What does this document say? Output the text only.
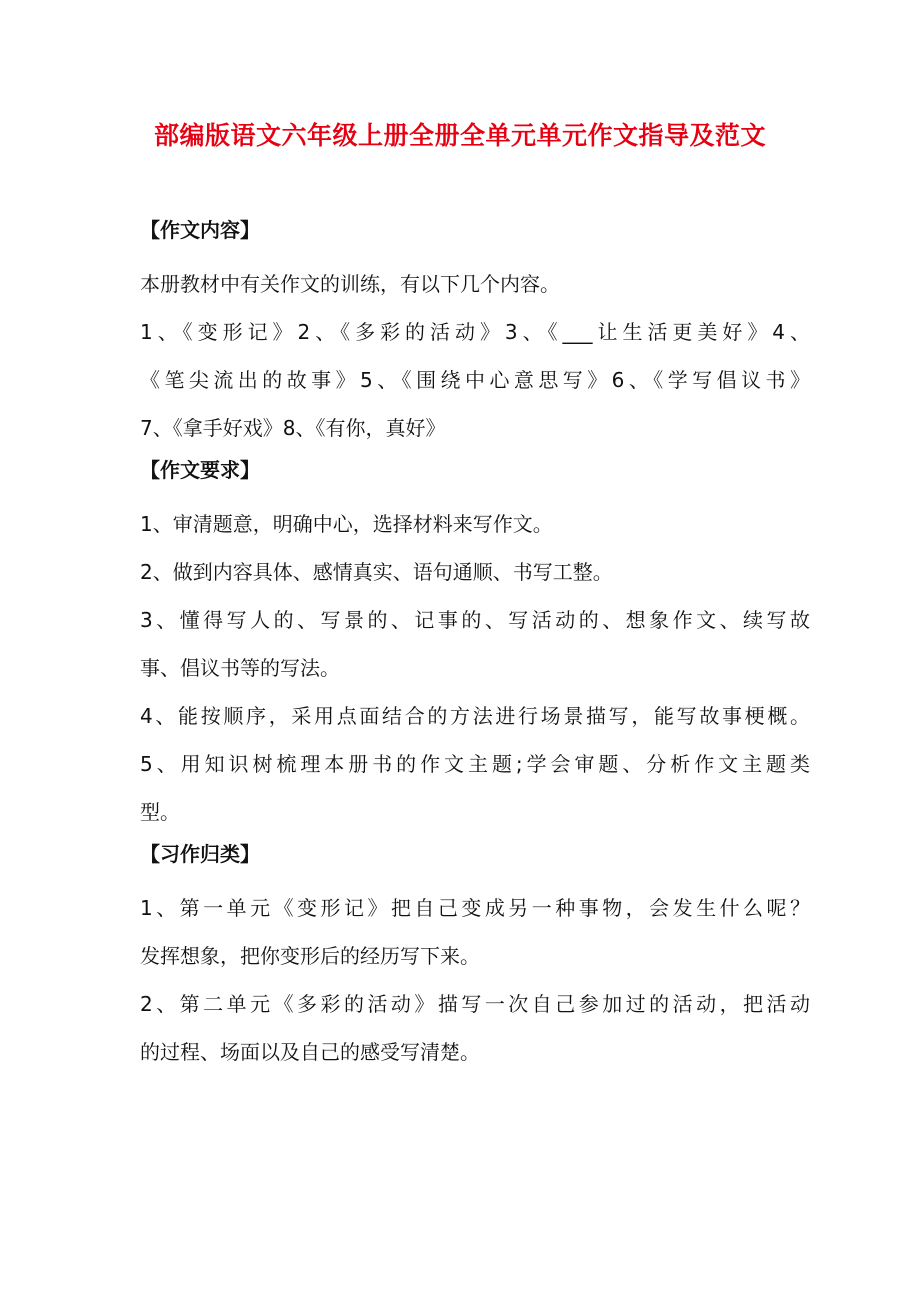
部编版语文六年级上册全册全单元单元作文指导及范文
【作文内容】
本册教材中有关作文的训练，有以下几个内容。
1、《变形记》2、《多彩的活动》3、《___让生活更美好》4、
《笔尖流出的故事》5、《围绕中心意思写》6、《学写倡议书》
7、《拿手好戏》8、《有你，真好》
【作文要求】
1、审清题意，明确中心，选择材料来写作文。
2、做到内容具体、感情真实、语句通顺、书写工整。
3、懂得写人的、写景的、记事的、写活动的、想象作文、续写故
事、倡议书等的写法。
4、能按顺序，采用点面结合的方法进行场景描写，能写故事梗概。
5、用知识树梳理本册书的作文主题;学会审题、分析作文主题类
型。
【习作归类】
1、第一单元《变形记》把自己变成另一种事物，会发生什么呢？
发挥想象，把你变形后的经历写下来。
2、第二单元《多彩的活动》描写一次自己参加过的活动，把活动
的过程、场面以及自己的感受写清楚。
